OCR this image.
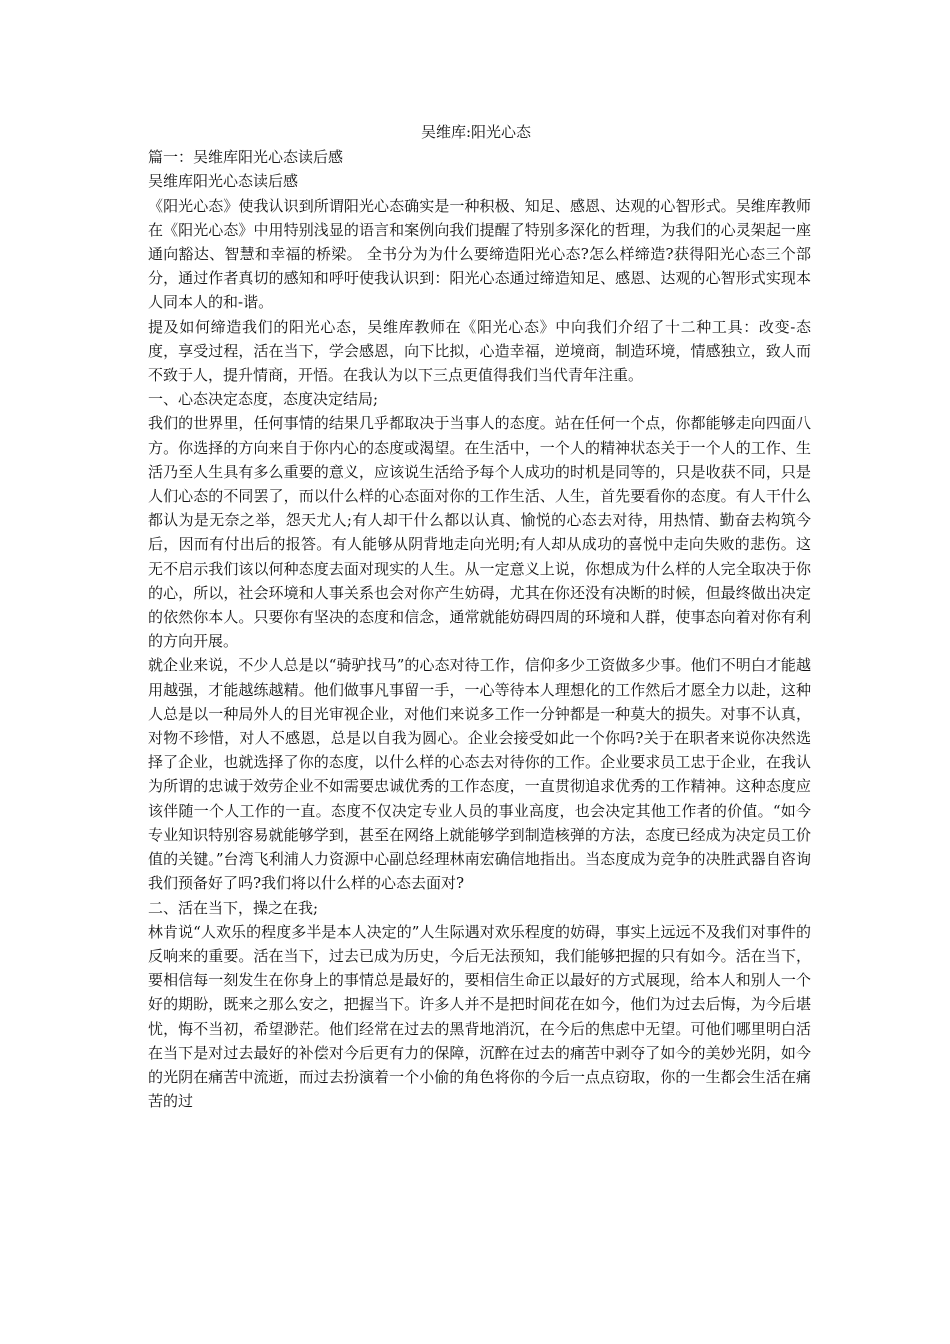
吴维库:阳光心态

篇一：吴维库阳光心态读后感

吴维库阳光心态读后感

《阳光心态》使我认识到所谓阳光心态确实是一种积极、知足、感恩、达观的心智形式。吴维库教师在《阳光心态》中用特别浅显的语言和案例向我们提醒了特别多深化的哲理，为我们的心灵架起一座通向豁达、智慧和幸福的桥梁。 全书分为为什么要缔造阳光心态?怎么样缔造?获得阳光心态三个部分，通过作者真切的感知和呼吁使我认识到：阳光心态通过缔造知足、感恩、达观的心智形式实现本人同本人的和-谐。

提及如何缔造我们的阳光心态，吴维库教师在《阳光心态》中向我们介绍了十二种工具：改变-态度，享受过程，活在当下，学会感恩，向下比拟，心造幸福，逆境商，制造环境，情感独立，致人而不致于人，提升情商，开悟。在我认为以下三点更值得我们当代青年注重。

一、心态决定态度，态度决定结局;

我们的世界里，任何事情的结果几乎都取决于当事人的态度。站在任何一个点，你都能够走向四面八方。你选择的方向来自于你内心的态度或渴望。在生活中，一个人的精神状态关于一个人的工作、生活乃至人生具有多么重要的意义，应该说生活给予每个人成功的时机是同等的，只是收获不同，只是人们心态的不同罢了，而以什么样的心态面对你的工作生活、人生，首先要看你的态度。有人干什么都认为是无奈之举，怨天尤人;有人却干什么都以认真、愉悦的心态去对待，用热情、勤奋去构筑今后，因而有付出后的报答。有人能够从阴背地走向光明;有人却从成功的喜悦中走向失败的悲伤。这无不启示我们该以何种态度去面对现实的人生。从一定意义上说，你想成为什么样的人完全取决于你的心，所以，社会环境和人事关系也会对你产生妨碍，尤其在你还没有决断的时候，但最终做出决定的依然你本人。只要你有坚决的态度和信念，通常就能妨碍四周的环境和人群，使事态向着对你有利的方向开展。

就企业来说，不少人总是以“骑驴找马”的心态对待工作，信仰多少工资做多少事。他们不明白才能越用越强，才能越练越精。他们做事凡事留一手，一心等待本人理想化的工作然后才愿全力以赴，这种人总是以一种局外人的目光审视企业，对他们来说多工作一分钟都是一种莫大的损失。对事不认真，对物不珍惜，对人不感恩，总是以自我为圆心。企业会接受如此一个你吗?关于在职者来说你决然选择了企业，也就选择了你的态度，以什么样的心态去对待你的工作。企业要求员工忠于企业，在我认为所谓的忠诚于效劳企业不如需要忠诚优秀的工作态度，一直贯彻追求优秀的工作精神。这种态度应该伴随一个人工作的一直。态度不仅决定专业人员的事业高度，也会决定其他工作者的价值。“如今专业知识特别容易就能够学到，甚至在网络上就能够学到制造核弹的方法，态度已经成为决定员工价值的关键。”台湾飞利浦人力资源中心副总经理林南宏确信地指出。当态度成为竞争的决胜武器自咨询我们预备好了吗?我们将以什么样的心态去面对?

二、活在当下，操之在我;

林肯说“人欢乐的程度多半是本人决定的”人生际遇对欢乐程度的妨碍，事实上远远不及我们对事件的反响来的重要。活在当下，过去已成为历史，今后无法预知，我们能够把握的只有如今。活在当下，要相信每一刻发生在你身上的事情总是最好的，要相信生命正以最好的方式展现，给本人和别人一个好的期盼，既来之那么安之，把握当下。许多人并不是把时间花在如今，他们为过去后悔，为今后堪忧，悔不当初，希望渺茫。他们经常在过去的黑背地消沉，在今后的焦虑中无望。可他们哪里明白活在当下是对过去最好的补偿对今后更有力的保障，沉醉在过去的痛苦中剥夺了如今的美妙光阴，如今的光阴在痛苦中流逝，而过去扮演着一个小偷的角色将你的今后一点点窃取，你的一生都会生活在痛苦的过
